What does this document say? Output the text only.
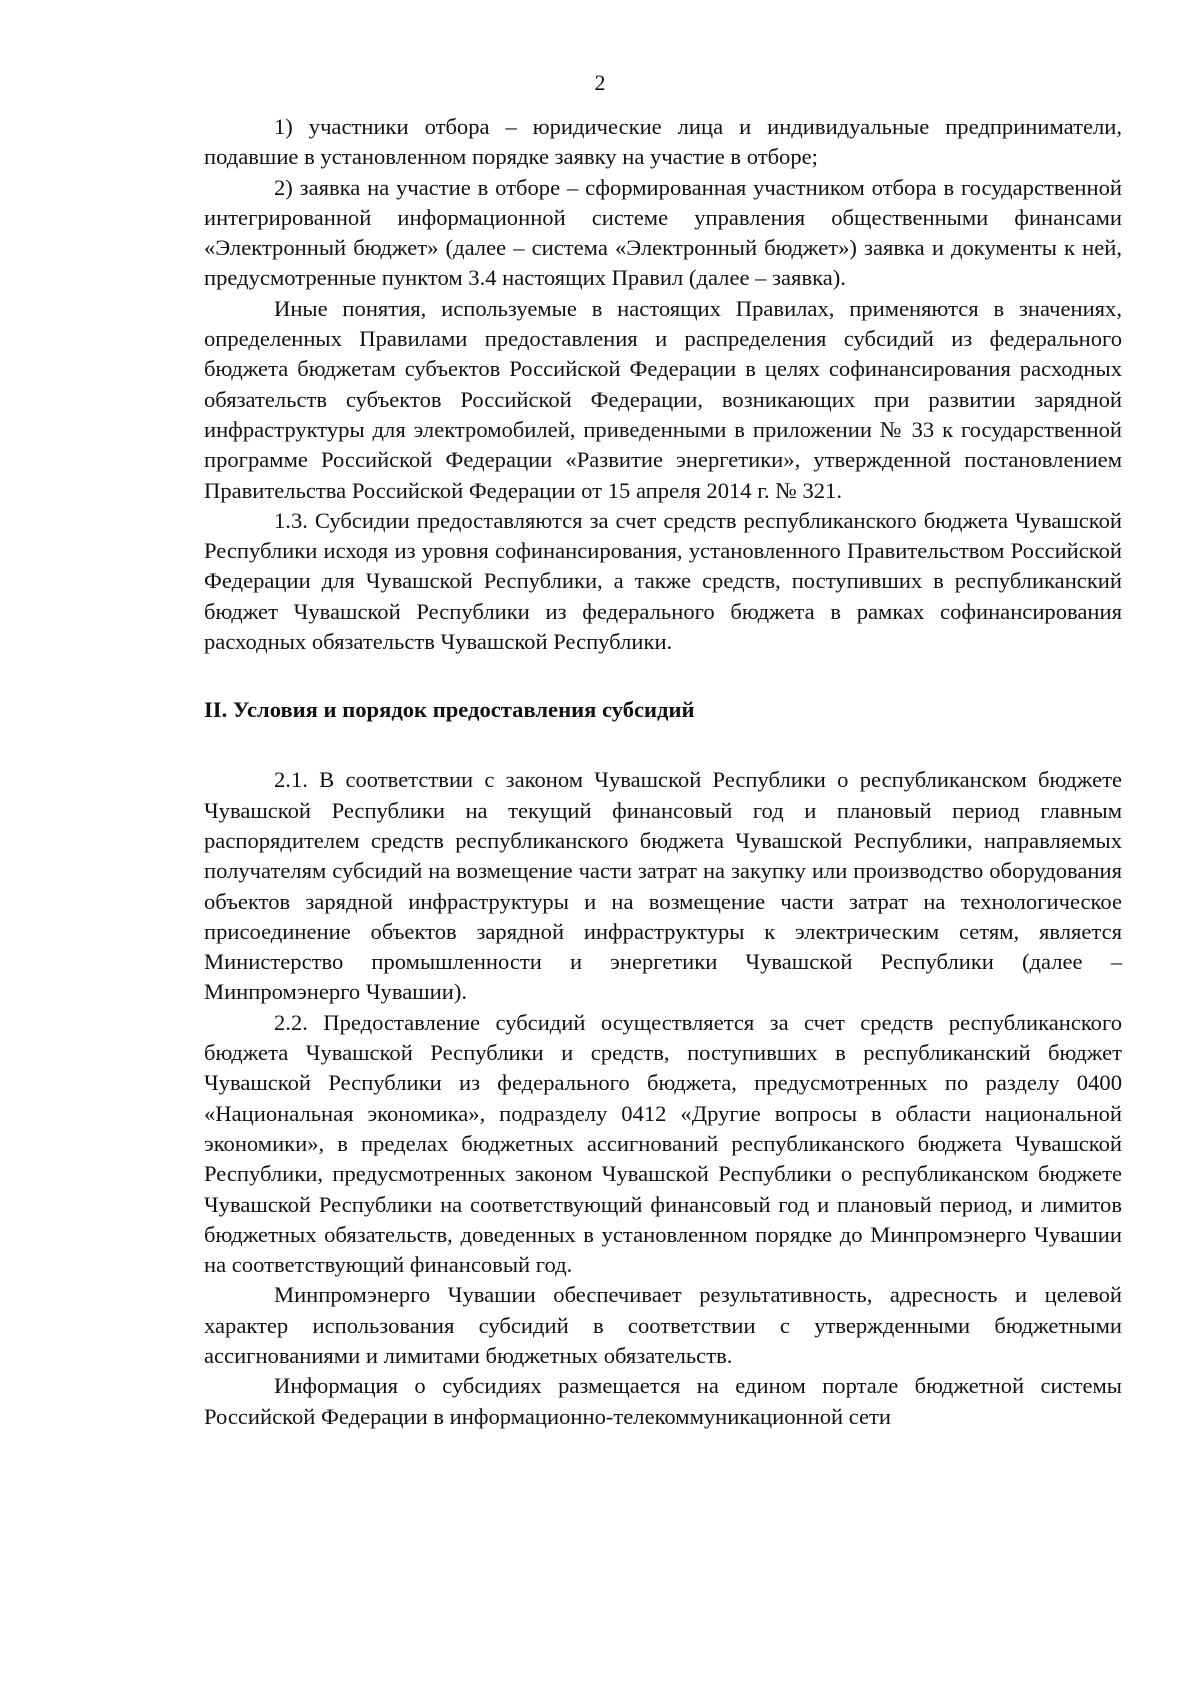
2

1) участники отбора – юридические лица и индивидуальные предприниматели, подавшие в установленном порядке заявку на участие в отборе;

2) заявка на участие в отборе – сформированная участником отбора в государственной интегрированной информационной системе управления общественными финансами «Электронный бюджет» (далее – система «Электронный бюджет») заявка и документы к ней, предусмотренные пунктом 3.4 настоящих Правил (далее – заявка).

Иные понятия, используемые в настоящих Правилах, применяются в значениях, определенных Правилами предоставления и распределения субсидий из федерального бюджета бюджетам субъектов Российской Федерации в целях софинансирования расходных обязательств субъектов Российской Федерации, возникающих при развитии зарядной инфраструктуры для электромобилей, приведенными в приложении № 33 к государственной программе Российской Федерации «Развитие энергетики», утвержденной постановлением Правительства Российской Федерации от 15 апреля 2014 г. № 321.

1.3. Субсидии предоставляются за счет средств республиканского бюджета Чувашской Республики исходя из уровня софинансирования, установленного Правительством Российской Федерации для Чувашской Республики, а также средств, поступивших в республиканский бюджет Чувашской Республики из федерального бюджета в рамках софинансирования расходных обязательств Чувашской Республики.

II. Условия и порядок предоставления субсидий

2.1. В соответствии с законом Чувашской Республики о республиканском бюджете Чувашской Республики на текущий финансовый год и плановый период главным распорядителем средств республиканского бюджета Чувашской Республики, направляемых получателям субсидий на возмещение части затрат на закупку или производство оборудования объектов зарядной инфраструктуры и на возмещение части затрат на технологическое присоединение объектов зарядной инфраструктуры к электрическим сетям, является Министерство промышленности и энергетики Чувашской Республики (далее – Минпромэнерго Чувашии).

2.2. Предоставление субсидий осуществляется за счет средств республиканского бюджета Чувашской Республики и средств, поступивших в республиканский бюджет Чувашской Республики из федерального бюджета, предусмотренных по разделу 0400 «Национальная экономика», подразделу 0412 «Другие вопросы в области национальной экономики», в пределах бюджетных ассигнований республиканского бюджета Чувашской Республики, предусмотренных законом Чувашской Республики о республиканском бюджете Чувашской Республики на соответствующий финансовый год и плановый период, и лимитов бюджетных обязательств, доведенных в установленном порядке до Минпромэнерго Чувашии на соответствующий финансовый год.

Минпромэнерго Чувашии обеспечивает результативность, адресность и целевой характер использования субсидий в соответствии с утвержденными бюджетными ассигнованиями и лимитами бюджетных обязательств.

Информация о субсидиях размещается на едином портале бюджетной системы Российской Федерации в информационно-телекоммуникационной сети
